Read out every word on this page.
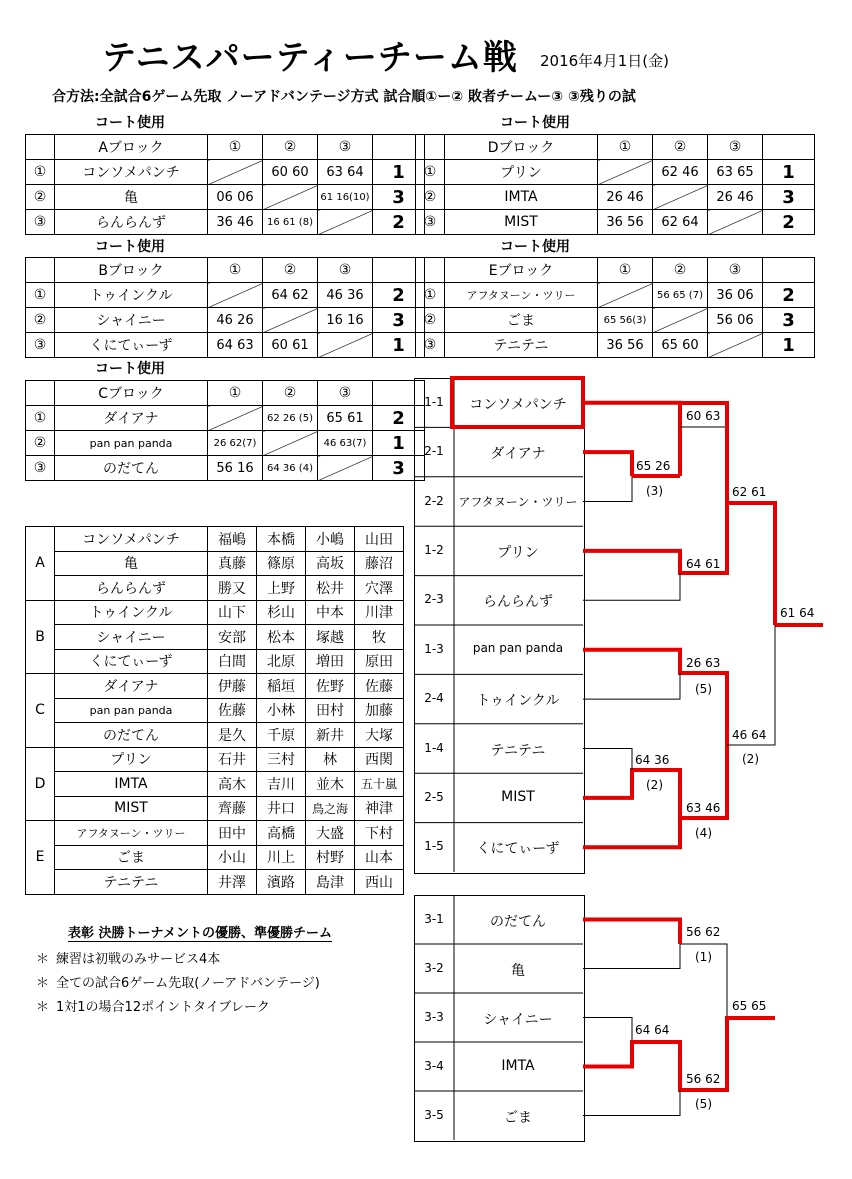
テニスパーティーチーム戦 2016年4月1日(金)
合方法:全試合6ゲーム先取 ノーアドバンテージ方式 試合順①ー② 敗者チームー③ ③残りの試
コート使用	コート使用
コート使用	コート使用
コート使用
	Aブロック	①	②	③	
①	コンソメパンチ		60 60	63 64	1
②	亀	06 06		61 16(10)	3
③	らんらんず	36 46	16 61 (8)		2
	Bブロック	①	②	③	
①	トゥインクル		64 62	46 36	2
②	シャイニー	46 26		16 16	3
③	くにてぃーず	64 63	60 61		1
	Cブロック	①	②	③	
①	ダイアナ		62 26 (5)	65 61	2
②	pan pan panda	26 62(7)		46 63(7)	1
③	のだてん	56 16	64 36 (4)		3
	Dブロック	①	②	③	
①	プリン		62 46	63 65	1
②	IMTA	26 46		26 46	3
③	MIST	36 56	62 64		2
	Eブロック	①	②	③	
①	アフタヌーン・ツリー		56 65 (7)	36 06	2
②	ごま	65 56(3)		56 06	3
③	テニテニ	36 56	65 60		1
A	コンソメパンチ	福嶋	本橋	小嶋	山田
	亀	真藤	篠原	高坂	藤沼
	らんらんず	勝又	上野	松井	穴澤
B	トゥインクル	山下	杉山	中本	川津
	シャイニー	安部	松本	塚越	牧
	くにてぃーず	白間	北原	増田	原田
C	ダイアナ	伊藤	稲垣	佐野	佐藤
	pan pan panda	佐藤	小林	田村	加藤
	のだてん	是久	千原	新井	大塚
D	プリン	石井	三村	林	西関
	IMTA	高木	吉川	並木	五十嵐
	MIST	齊藤	井口	鳥之海	神津
E	アフタヌーン・ツリー	田中	高橋	大盛	下村
	ごま	小山	川上	村野	山本
	テニテニ	井澤	濱路	島津	西山
表彰 決勝トーナメントの優勝、準優勝チーム
＊ 練習は初戦のみサービス4本
＊ 全ての試合6ゲーム先取(ノーアドバンテージ)
＊ 1対1の場合12ポイントタイブレーク
1-1	コンソメパンチ
2-1	ダイアナ
2-2	アフタヌーン・ツリー
1-2	プリン
2-3	らんらんず
1-3	pan pan panda
2-4	トゥインクル
1-4	テニテニ
2-5	MIST
1-5	くにてぃーず
3-1	のだてん
3-2	亀
3-3	シャイニー
3-4	IMTA
3-5	ごま
65 26
(3)
60 63
64 61
62 61
61 64
26 63
(5)
64 36
(2)
63 46
(4)
46 64
(2)
56 62
(1)
64 64
56 62
(5)
65 65
